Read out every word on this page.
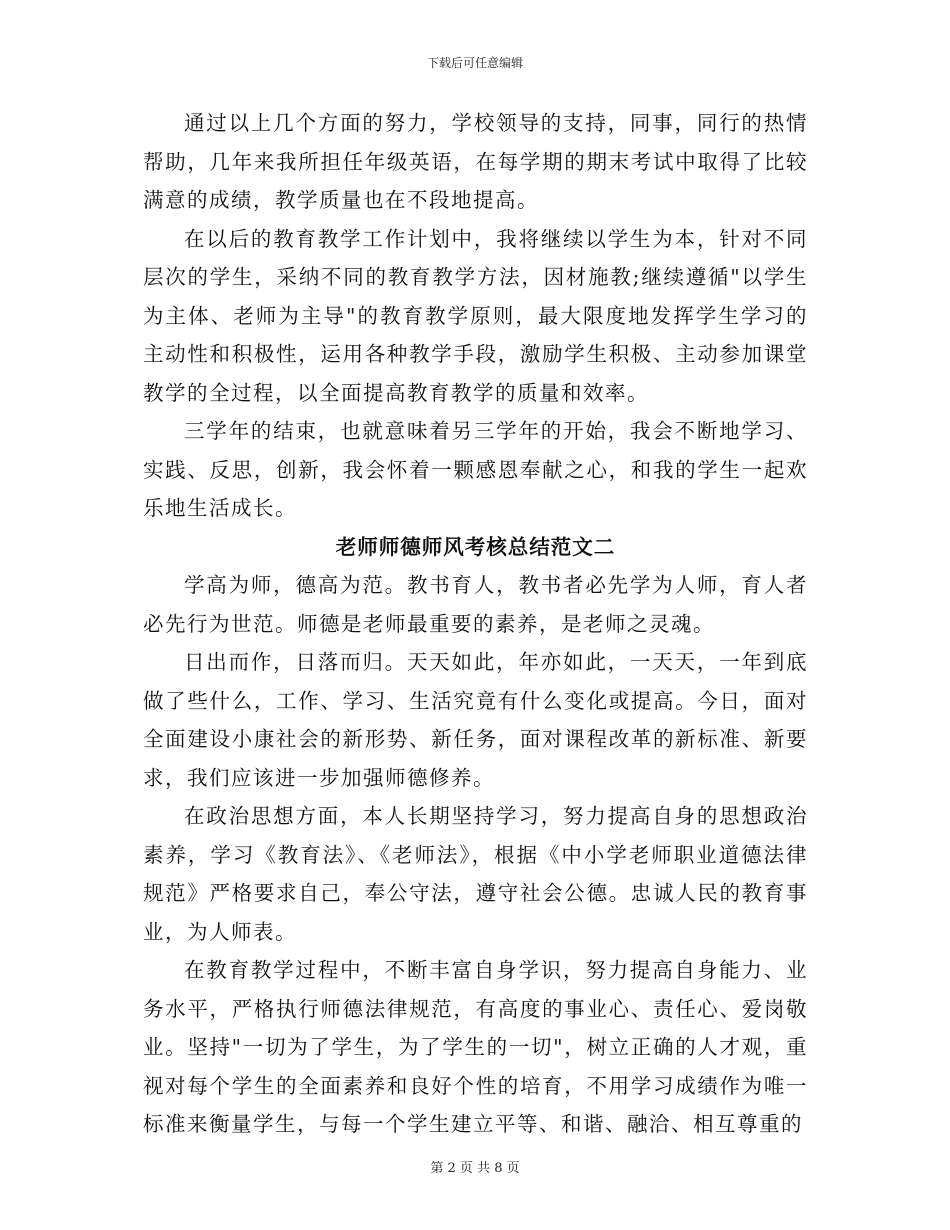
下载后可任意编辑

通过以上几个方面的努力，学校领导的支持，同事，同行的热情帮助，几年来我所担任年级英语，在每学期的期末考试中取得了比较满意的成绩，教学质量也在不段地提高。

在以后的教育教学工作计划中，我将继续以学生为本，针对不同层次的学生，采纳不同的教育教学方法，因材施教;继续遵循"以学生为主体、老师为主导"的教育教学原则，最大限度地发挥学生学习的主动性和积极性，运用各种教学手段，激励学生积极、主动参加课堂教学的全过程，以全面提高教育教学的质量和效率。

三学年的结束，也就意味着另三学年的开始，我会不断地学习、实践、反思，创新，我会怀着一颗感恩奉献之心，和我的学生一起欢乐地生活成长。

老师师德师风考核总结范文二

学高为师，德高为范。教书育人，教书者必先学为人师，育人者必先行为世范。师德是老师最重要的素养，是老师之灵魂。

日出而作，日落而归。天天如此，年亦如此，一天天，一年到底做了些什么，工作、学习、生活究竟有什么变化或提高。今日，面对全面建设小康社会的新形势、新任务，面对课程改革的新标准、新要求，我们应该进一步加强师德修养。

在政治思想方面，本人长期坚持学习，努力提高自身的思想政治素养，学习《教育法》、《老师法》，根据《中小学老师职业道德法律规范》严格要求自己，奉公守法，遵守社会公德。忠诚人民的教育事业，为人师表。

在教育教学过程中，不断丰富自身学识，努力提高自身能力、业务水平，严格执行师德法律规范，有高度的事业心、责任心、爱岗敬业。坚持"一切为了学生，为了学生的一切"，树立正确的人才观，重视对每个学生的全面素养和良好个性的培育，不用学习成绩作为唯一标准来衡量学生，与每一个学生建立平等、和谐、融洽、相互尊重的

第 2 页 共 8 页
